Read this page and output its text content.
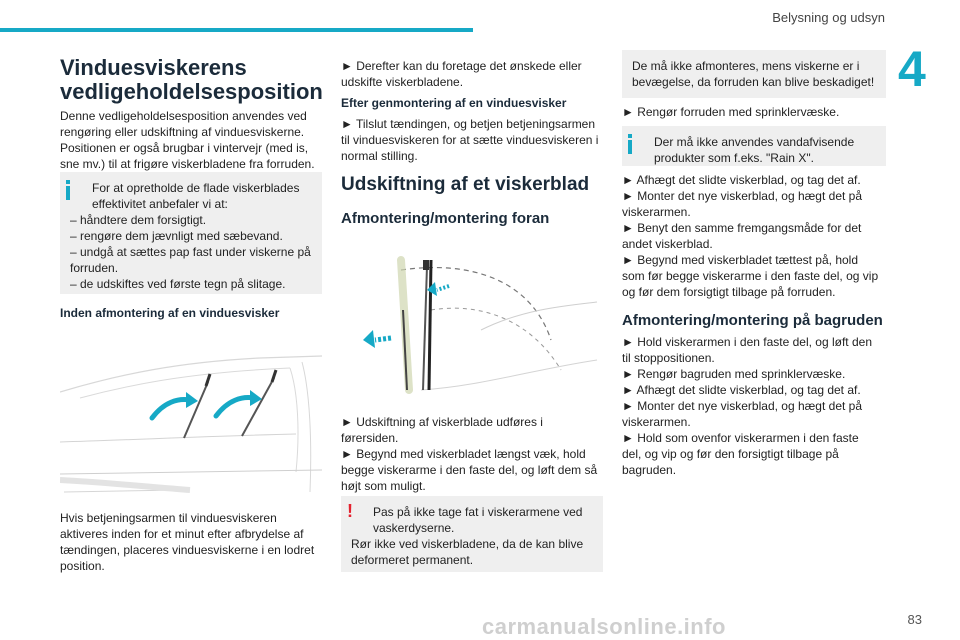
Belysning og udsyn
4
Vinduesviskerens
vedligeholdelsesposition

Denne vedligeholdelsesposition anvendes ved

rengøring eller udskiftning af vinduesviskerne.

Positionen er også brugbar i vintervejr (med is,

sne mv.) til at frigøre viskerbladene fra forruden.

For at opretholde de flade viskerblades

effektivitet anbefaler vi at:

– håndtere dem forsigtigt.

– rengøre dem jævnligt med sæbevand.

– undgå at sættes pap fast under viskerne på

forruden.

– de udskiftes ved første tegn på slitage.

Inden afmontering af en vinduesvisker

Hvis betjeningsarmen til vinduesviskeren

aktiveres inden for et minut efter afbrydelse af

tændingen, placeres vinduesviskerne i en lodret

position.

► Derefter kan du foretage det ønskede eller

udskifte viskerbladene.

Efter genmontering af en vinduesvisker

► Tilslut tændingen, og betjen betjeningsarmen

til vinduesviskeren for at sætte vinduesviskeren i

normal stilling.

Udskiftning af et viskerblad
Afmontering/montering foran

► Udskiftning af viskerblade udføres i

førersiden.

► Begynd med viskerbladet længst væk, hold

begge viskerarme i den faste del, og løft dem så

højt som muligt.

!	Pas på ikke tage fat i viskerarmene ved

vaskerdyserne.

Rør ikke ved viskerbladene, da de kan blive

deformeret permanent.

De må ikke afmonteres, mens viskerne er i

bevægelse, da forruden kan blive beskadiget!

► Rengør forruden med sprinklervæske.

Der må ikke anvendes vandafvisende

produkter som f.eks. "Rain X".

► Afhægt det slidte viskerblad, og tag det af.

► Monter det nye viskerblad, og hægt det på

viskerarmen.

► Benyt den samme fremgangsmåde for det

andet viskerblad.

► Begynd med viskerbladet tættest på, hold

som før begge viskerarme i den faste del, og vip

og før dem forsigtigt tilbage på forruden.

Afmontering/montering på bagruden

► Hold viskerarmen i den faste del, og løft den

til stoppositionen.

► Rengør bagruden med sprinklervæske.

► Afhægt det slidte viskerblad, og tag det af.

► Monter det nye viskerblad, og hægt det på

viskerarmen.

► Hold som ovenfor viskerarmen i den faste

del, og vip og før den forsigtigt tilbage på

bagruden.

carmanualsonline.info	83
